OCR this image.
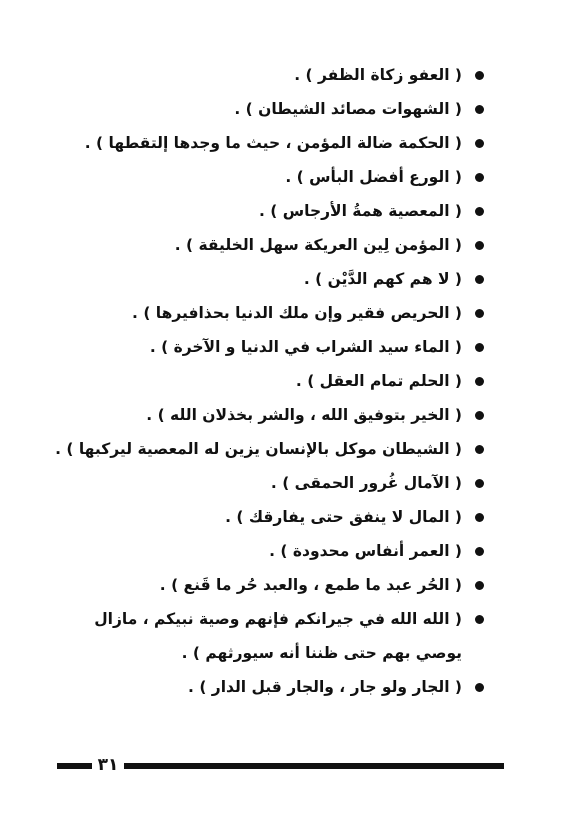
( العفو زكاة الظفر ) .
( الشهوات مصائد الشيطان ) .
( الحكمة ضالة المؤمن ، حيث ما وجدها إلتقطها ) .
( الورع أفضل البأس ) .
( المعصية همةُ الأرجاس ) .
( المؤمن لِين العريكة سهل الخليقة ) .
( لا هم كهم الدَّيْن ) .
( الحريص فقير وإن ملك الدنيا بحذافيرها ) .
( الماء سيد الشراب في الدنيا و الآخرة ) .
( الحلم تمام العقل ) .
( الخير بتوفيق الله ، والشر بخذلان الله ) .
( الشيطان موكل بالإنسان يزين له المعصية ليركبها ) .
( الآمال غُرور الحمقى ) .
( المال لا ينفق حتى يفارقك ) .
( العمر أنفاس محدودة ) .
( الحُر عبد ما طمع ، والعبد حُر ما قَنع ) .
( الله الله في جيرانكم فإنهم وصية نبيكم ، مازال يوصي بهم حتى ظننا أنه سيورثهم ) .
( الجار ولو جار ، والجار قبل الدار ) .
٣١
